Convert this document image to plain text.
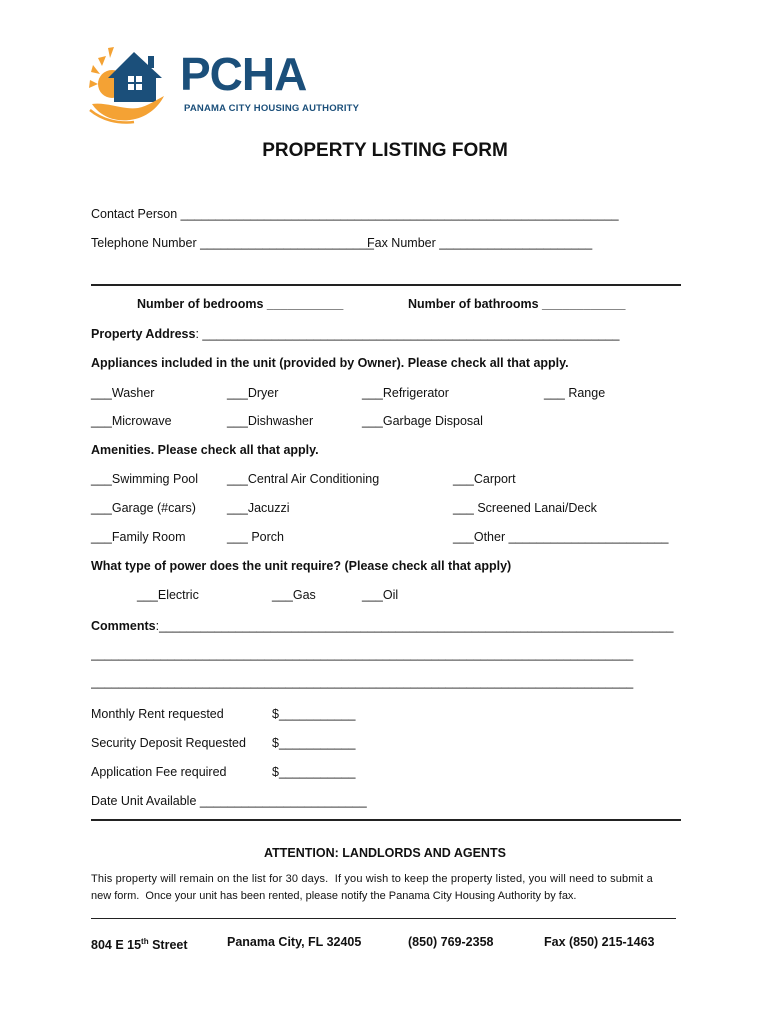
PCHA
PANAMA CITY HOUSING AUTHORITY
PROPERTY LISTING FORM
Contact Person _______________________________________________________________
Telephone Number _________________________
Fax Number ______________________
Number of bedrooms ___________	Number of bathrooms ____________
Property Address: ____________________________________________________________
Appliances included in the unit (provided by Owner). Please check all that apply.
___Washer	___Dryer	___Refrigerator	___ Range
___Microwave	___Dishwasher	___Garbage Disposal
Amenities. Please check all that apply.
___Swimming Pool ___Central Air Conditioning	___Carport
___Garage (#cars) ___Jacuzzi	___ Screened Lanai/Deck
___Family Room	___ Porch	___Other _______________________
What type of power does the unit require? (Please check all that apply)
___Electric	___Gas	___Oil
Comments:__________________________________________________________________________
______________________________________________________________________________
______________________________________________________________________________
Monthly Rent requested	$___________
Security Deposit Requested $___________
Application Fee required	$___________
Date Unit Available ________________________
ATTENTION: LANDLORDS AND AGENTS
This property will remain on the list for 30 days.  If you wish to keep the property listed, you will need to submit a
new form.  Once your unit has been rented, please notify the Panama City Housing Authority by fax.
804 E 15th Street	Panama City, FL 32405	(850) 769-2358	Fax (850) 215-1463
